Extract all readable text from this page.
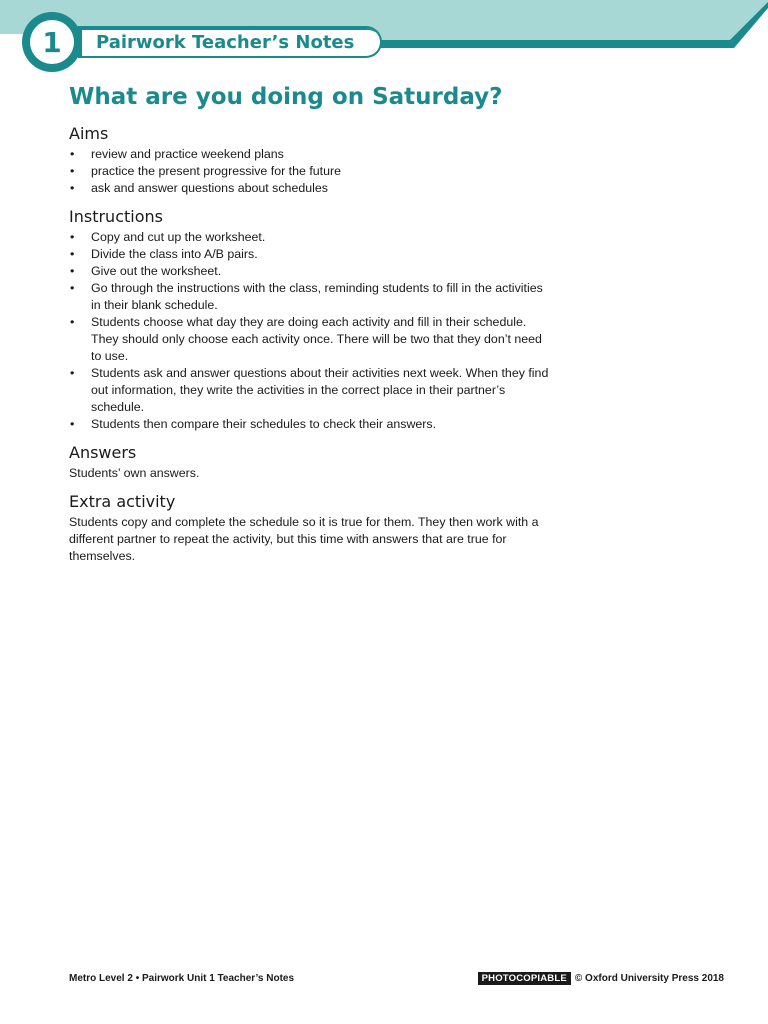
1	Pairwork Teacher’s Notes
What are you doing on Saturday?
Aims
• review and practice weekend plans
• practice the present progressive for the future
• ask and answer questions about schedules
Instructions
• Copy and cut up the worksheet.
• Divide the class into A/B pairs.
• Give out the worksheet.
• Go through the instructions with the class, reminding students to fill in the activities in their blank schedule.
• Students choose what day they are doing each activity and fill in their schedule. They should only choose each activity once. There will be two that they don’t need to use.
• Students ask and answer questions about their activities next week. When they find out information, they write the activities in the correct place in their partner’s schedule.
• Students then compare their schedules to check their answers.
Answers

Students’ own answers.

Extra activity

Students copy and complete the schedule so it is true for them. They then work with a different partner to repeat the activity, but this time with answers that are true for themselves.

Metro Level 2 • Pairwork Unit 1 Teacher’s Notes	PHOTOCOPIABLE © Oxford University Press 2018
